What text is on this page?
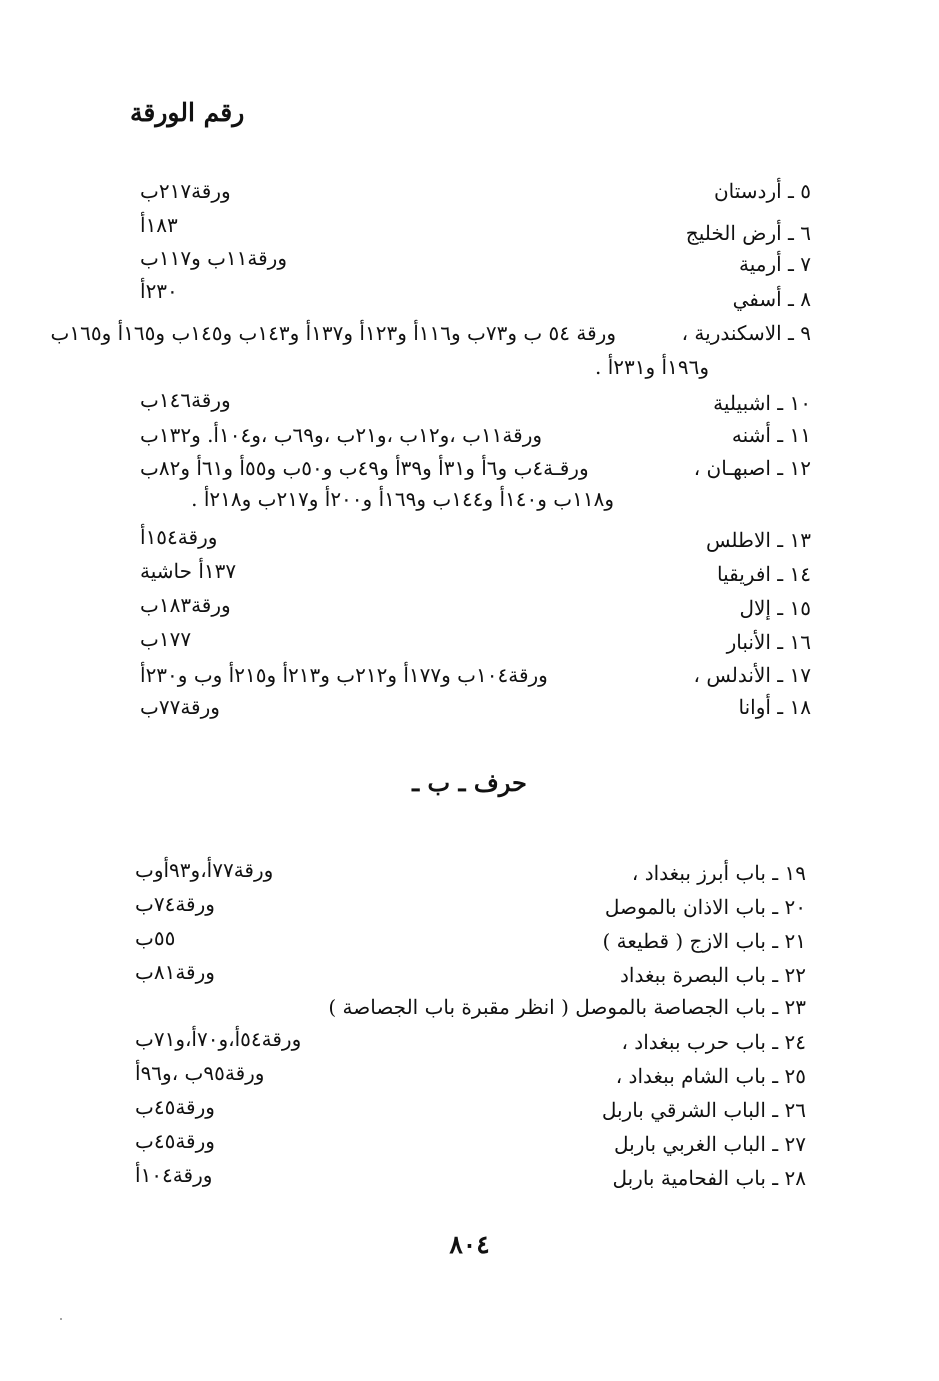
رقم الورقة
٥ ـ أردستان
ورقة٢١٧ب
٦ ـ أرض الخليج
١٨٣أ
٧ ـ أرمية
ورقة١١ب و١١٧ب
٨ ـ أسفي
٢٣٠أ
٩ ـ الاسكندرية ،
ورقة ٥٤ ب و٧٣ب و١١٦أ و١٢٣أ و١٣٧أ و١٤٣ب و١٤٥ب و١٦٥أ و١٦٥ب
و١٩٦أ و٢٣١أ .
١٠ ـ اشبيلية
ورقة١٤٦ب
١١ ـ أشنه
ورقة١١ب ،و١٢ب ،و٢١ب ،و٦٩ب ،و١٠٤أ. و١٣٢ب
١٢ ـ اصبهـان ،
ورقـة٤ب و٦أ و٣١أ و٣٩أ و٤٩ب و٥٠ب و٥٥أ و٦١أ و٨٢ب
و١١٨ب و١٤٠أ و١٤٤ب و١٦٩أ و٢٠٠أ و٢١٧ب و٢١٨أ .
١٣ ـ الاطلس
ورقة١٥٤أ
١٤ ـ افريقيا
١٣٧أ حاشية
١٥ ـ إلال
ورقة١٨٣ب
١٦ ـ الأنبار
١٧٧ب
١٧ ـ الأندلس ،
ورقة١٠٤ب و١٧٧أ و٢١٢ب و٢١٣أ و٢١٥أ وب و٢٣٠أ
١٨ ـ أوانا
ورقة٧٧ب
حرف ـ ب ـ
١٩ ـ باب أبرز ببغداد ،
ورقة٧٧أ،و٩٣أوب
٢٠ ـ باب الاذان بالموصل
ورقة٧٤ب
٢١ ـ باب الازج ( قطيعة )
٥٥ب
٢٢ ـ باب البصرة ببغداد
ورقة٨١ب
٢٣ ـ باب الجصاصة بالموصل ( انظر مقبرة باب الجصاصة )
٢٤ ـ باب حرب ببغداد ،
ورقة٥٤أ،و٧٠أ،و٧١ب
٢٥ ـ باب الشام ببغداد ،
ورقة٩٥ب ،و٩٦أ
٢٦ ـ الباب الشرقي باربل
ورقة٤٥ب
٢٧ ـ الباب الغربي باربل
ورقة٤٥ب
٢٨ ـ باب الفحامية باربل
ورقة١٠٤أ
٨٠٤
